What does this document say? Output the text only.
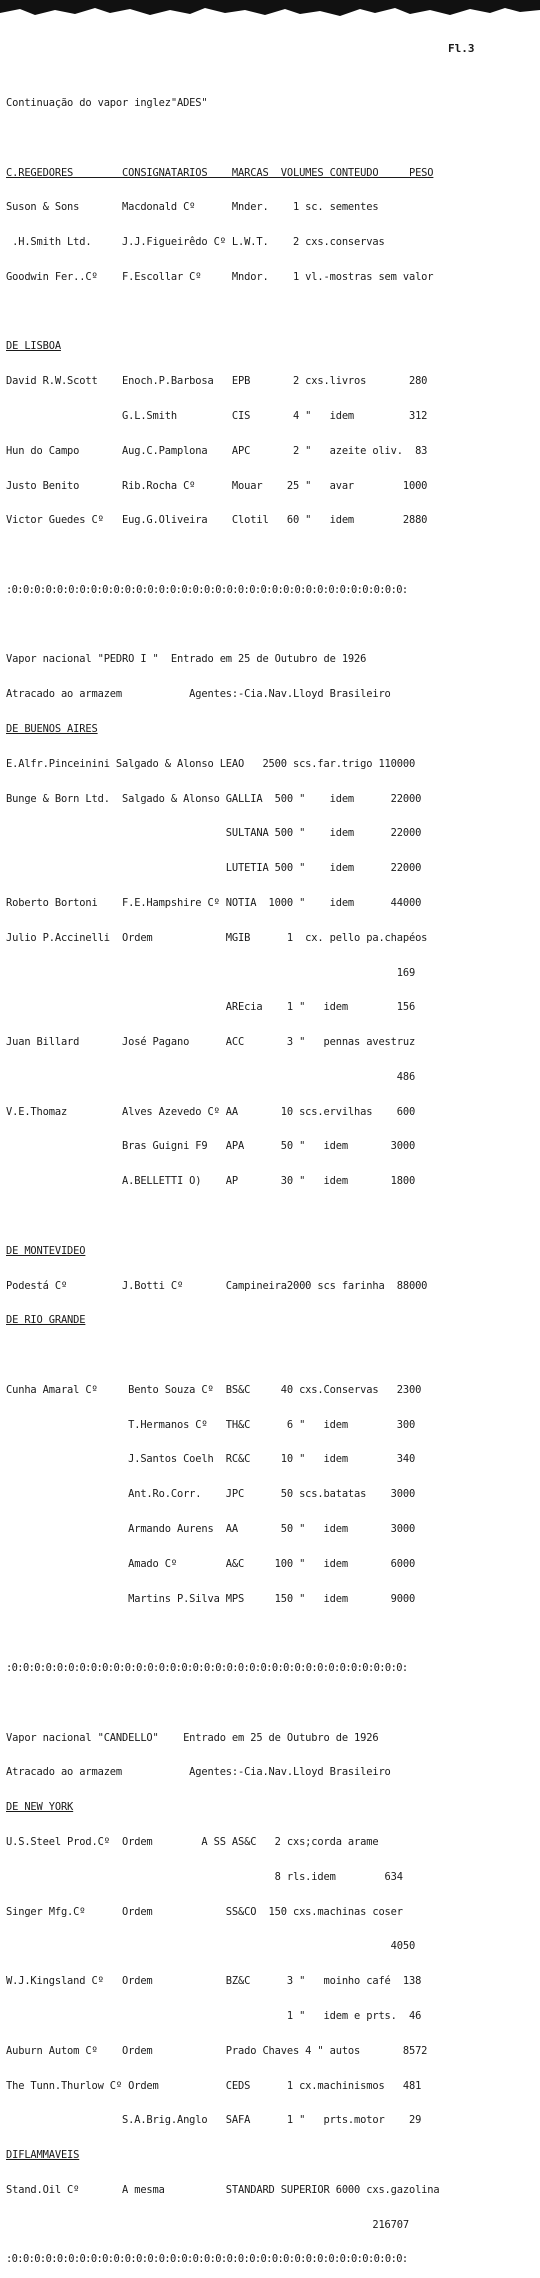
Fl.3

Continuação do vapor inglez"ADES"

C.REGEDORES        CONSIGNATARIOS    MARCAS  VOLUMES CONTEUDO     PESO

Suson & Sons       Macdonald Cº      Mnder.    1 sc. sementes

.H.Smith Ltd.     J.J.Figueirêdo Cº L.W.T.    2 cxs.conservas

Goodwin Fer..Cº    F.Escollar Cº     Mndor.    1 vl.-mostras sem valor

DE LISBOA

David R.W.Scott    Enoch.P.Barbosa   EPB       2 cxs.livros       280

G.L.Smith         CIS       4 "   idem         312

Hun do Campo       Aug.C.Pamplona    APC       2 "   azeite oliv.  83

Justo Benito       Rib.Rocha Cº      Mouar    25 "   avar        1000

Victor Guedes Cº   Eug.G.Oliveira    Clotil   60 "   idem        2880

:0:0:0:0:0:0:0:0:0:0:0:0:0:0:0:0:0:0:0:0:0:0:0:0:0:0:0:0:0:0:0:0:0:0:0:

Vapor nacional "PEDRO I "  Entrado em 25 de Outubro de 1926

Atracado ao armazem           Agentes:-Cia.Nav.Lloyd Brasileiro

DE BUENOS AIRES

E.Alfr.Pinceinini Salgado & Alonso LEAO   2500 scs.far.trigo 110000

Bunge & Born Ltd.  Salgado & Alonso GALLIA  500 "    idem      22000

SULTANA 500 "    idem      22000

LUTETIA 500 "    idem      22000

Roberto Bortoni    F.E.Hampshire Cº NOTIA  1000 "    idem      44000

Julio P.Accinelli  Ordem            MGIB      1  cx. pello pa.chapéos

169

AREcia    1 "   idem        156

Juan Billard       José Pagano      ACC       3 "   pennas avestruz

486

V.E.Thomaz         Alves Azevedo Cº AA       10 scs.ervilhas    600

Bras Guigni F9   APA      50 "   idem       3000

A.BELLETTI O)    AP       30 "   idem       1800

DE MONTEVIDEO

Podestá Cº         J.Botti Cº       Campineira2000 scs farinha  88000

DE RIO GRANDE

Cunha Amaral Cº     Bento Souza Cº  BS&C     40 cxs.Conservas   2300

T.Hermanos Cº   TH&C      6 "   idem        300

J.Santos Coelh  RC&C     10 "   idem        340

Ant.Ro.Corr.    JPC      50 scs.batatas    3000

Armando Aurens  AA       50 "   idem       3000

Amado Cº        A&C     100 "   idem       6000

Martins P.Silva MPS     150 "   idem       9000

:0:0:0:0:0:0:0:0:0:0:0:0:0:0:0:0:0:0:0:0:0:0:0:0:0:0:0:0:0:0:0:0:0:0:0:

Vapor nacional "CANDELLO"    Entrado em 25 de Outubro de 1926

Atracado ao armazem           Agentes:-Cia.Nav.Lloyd Brasileiro

DE NEW YORK

U.S.Steel Prod.Cº  Ordem        A SS AS&C   2 cxs;corda arame

8 rls.idem        634

Singer Mfg.Cº      Ordem            SS&CO  150 cxs.machinas coser

4050

W.J.Kingsland Cº   Ordem            BZ&C      3 "   moinho café  138

1 "   idem e prts.  46

Auburn Autom Cº    Ordem            Prado Chaves 4 " autos       8572

The Tunn.Thurlow Cº Ordem           CEDS      1 cx.machinismos   481

S.A.Brig.Anglo   SAFA      1 "   prts.motor    29

DIFLAMMAVEIS

Stand.Oil Cº       A mesma          STANDARD SUPERIOR 6000 cxs.gazolina

216707

:0:0:0:0:0:0:0:0:0:0:0:0:0:0:0:0:0:0:0:0:0:0:0:0:0:0:0:0:0:0:0:0:0:0:0:
